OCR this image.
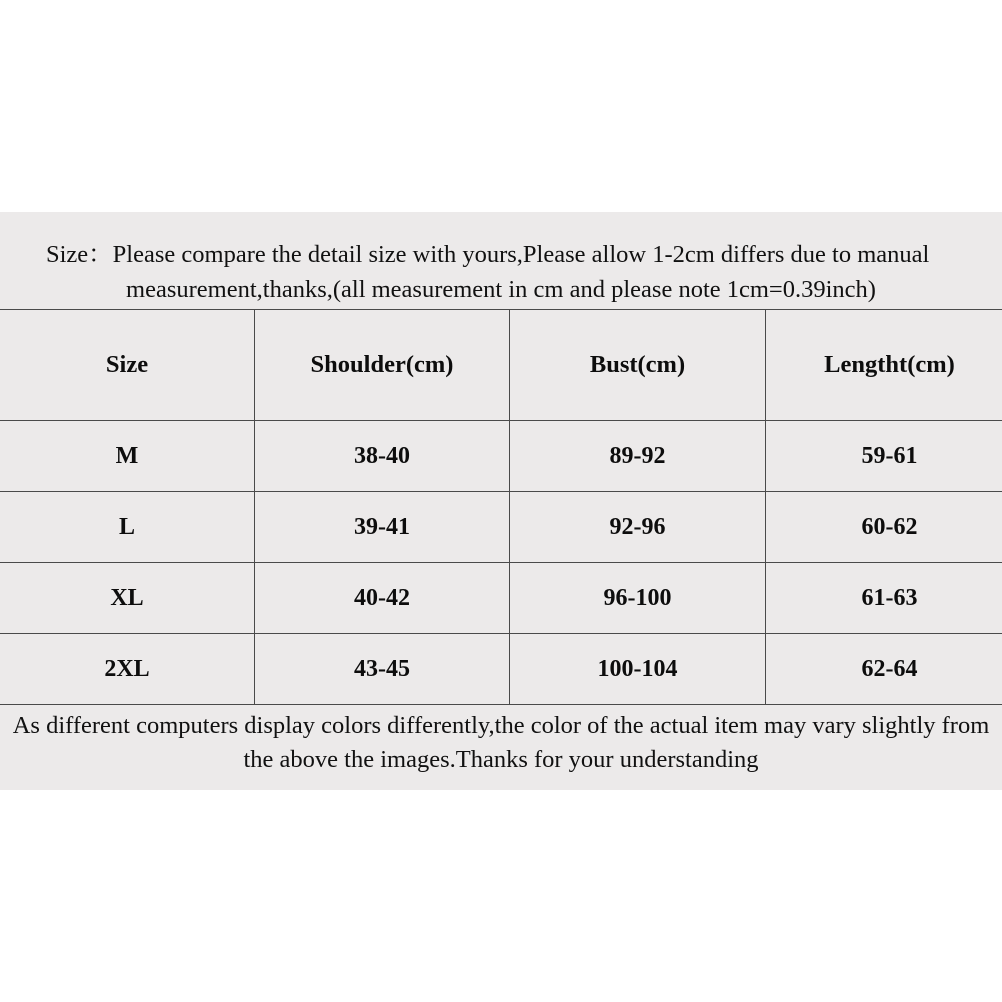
Size：Please compare the detail size with yours,Please allow 1-2cm differs due to manual
measurement,thanks,(all measurement in cm and please note 1cm=0.39inch)
Size	Shoulder(cm)	Bust(cm)	Lengtht(cm)
M	38-40	89-92	59-61
L	39-41	92-96	60-62
XL	40-42	96-100	61-63
2XL	43-45	100-104	62-64
As different computers display colors differently,the color of the actual item may vary slightly from
the above the images.Thanks for your understanding
